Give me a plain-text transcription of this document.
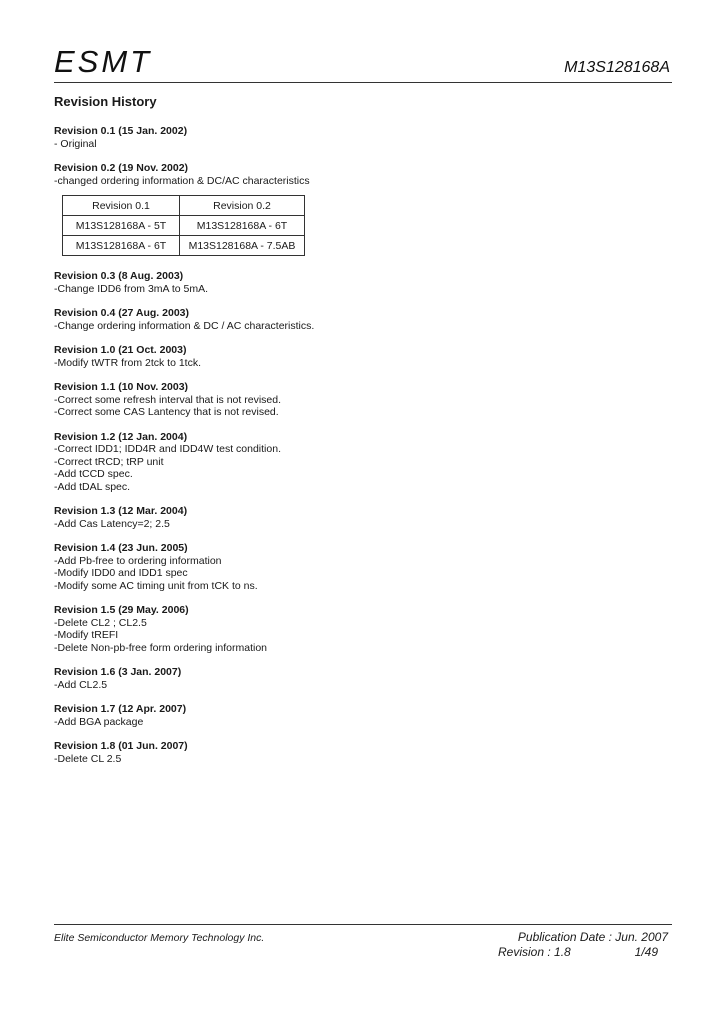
ESMT	M13S128168A
Revision History
Revision 0.1 (15 Jan. 2002)
- Original
Revision 0.2 (19 Nov. 2002)
-changed ordering information & DC/AC characteristics
Revision 0.1	Revision 0.2
M13S128168A - 5T	M13S128168A - 6T
M13S128168A - 6T	M13S128168A - 7.5AB
Revision 0.3 (8 Aug. 2003)
-Change IDD6 from 3mA to 5mA.
Revision 0.4 (27 Aug. 2003)
-Change ordering information & DC / AC characteristics.
Revision 1.0 (21 Oct. 2003)
-Modify tWTR from 2tck to 1tck.
Revision 1.1 (10 Nov. 2003)
-Correct some refresh interval that is not revised.
-Correct some CAS Lantency that is not revised.
Revision 1.2 (12 Jan. 2004)
-Correct IDD1; IDD4R and IDD4W test condition.
-Correct tRCD; tRP unit
-Add tCCD spec.
-Add tDAL spec.
Revision 1.3 (12 Mar. 2004)
-Add Cas Latency=2; 2.5
Revision 1.4 (23 Jun. 2005)
-Add Pb-free to ordering information
-Modify IDD0 and IDD1 spec
-Modify some AC timing unit from tCK to ns.
Revision 1.5 (29 May. 2006)
-Delete CL2 ; CL2.5
-Modify tREFI
-Delete Non-pb-free form ordering information
Revision 1.6 (3 Jan. 2007)
-Add CL2.5
Revision 1.7 (12 Apr. 2007)
-Add BGA package
Revision 1.8 (01 Jun. 2007)
-Delete CL 2.5
Elite Semiconductor Memory Technology Inc.	Publication Date : Jun. 2007
Revision : 1.8	1/49
